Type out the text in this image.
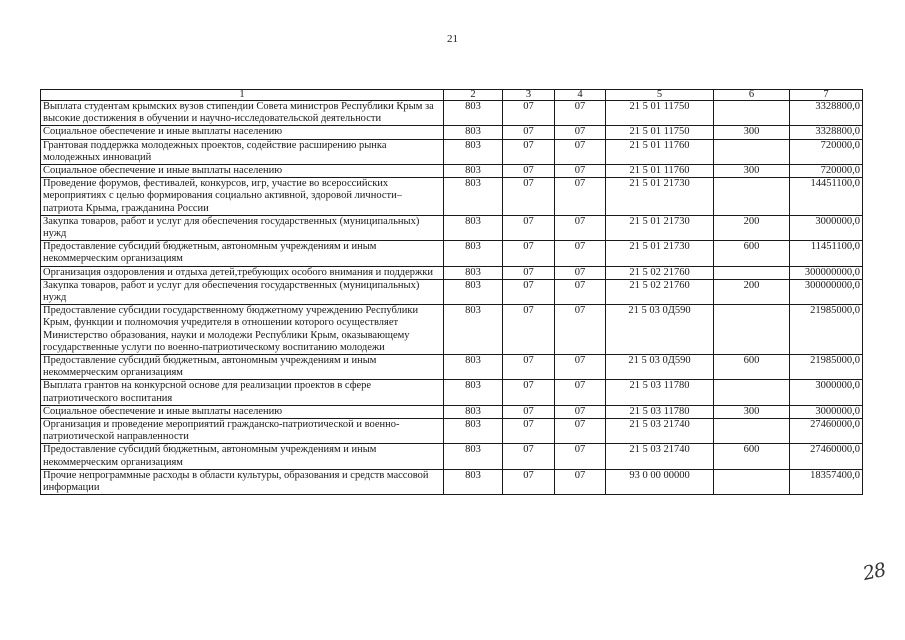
21
1	2	3	4	5	6	7
Выплата студентам крымских вузов стипендии Совета министров Республики Крым за высокие достижения в обучении и научно-исследовательской деятельности	803	07	07	21 5 01 11750		3328800,0
Социальное обеспечение и иные выплаты населению	803	07	07	21 5 01 11750	300	3328800,0
Грантовая поддержка молодежных проектов, содействие расширению рынка молодежных инноваций	803	07	07	21 5 01 11760		720000,0
Социальное обеспечение и иные выплаты населению	803	07	07	21 5 01 11760	300	720000,0
Проведение форумов, фестивалей, конкурсов, игр, участие во всероссийских мероприятиях с целью формирования социально активной, здоровой личности–патриота Крыма, гражданина России	803	07	07	21 5 01 21730		14451100,0
Закупка товаров, работ и услуг для обеспечения государственных (муниципальных) нужд	803	07	07	21 5 01 21730	200	3000000,0
Предоставление субсидий бюджетным, автономным учреждениям и иным некоммерческим организациям	803	07	07	21 5 01 21730	600	11451100,0
Организация оздоровления и отдыха детей,требующих особого внимания и поддержки	803	07	07	21 5 02 21760		300000000,0
Закупка товаров, работ и услуг для обеспечения государственных (муниципальных) нужд	803	07	07	21 5 02 21760	200	300000000,0
Предоставление субсидии государственному бюджетному учреждению Республики Крым, функции и полномочия учредителя в отношении которого осуществляет Министерство образования, науки и молодежи Республики Крым, оказывающему государственные услуги по военно-патриотическому воспитанию молодежи	803	07	07	21 5 03 0Д590		21985000,0
Предоставление субсидий бюджетным, автономным учреждениям и иным некоммерческим организациям	803	07	07	21 5 03 0Д590	600	21985000,0
Выплата грантов на конкурсной основе для реализации проектов в сфере патриотического воспитания	803	07	07	21 5 03 11780		3000000,0
Социальное обеспечение и иные выплаты населению	803	07	07	21 5 03 11780	300	3000000,0
Организация и проведение мероприятий гражданско-патриотической и военно-патриотической направленности	803	07	07	21 5 03 21740		27460000,0
Предоставление субсидий бюджетным, автономным учреждениям и иным некоммерческим организациям	803	07	07	21 5 03 21740	600	27460000,0
Прочие непрограммные расходы в области культуры, образования и средств массовой информации	803	07	07	93 0 00 00000		18357400,0
28
